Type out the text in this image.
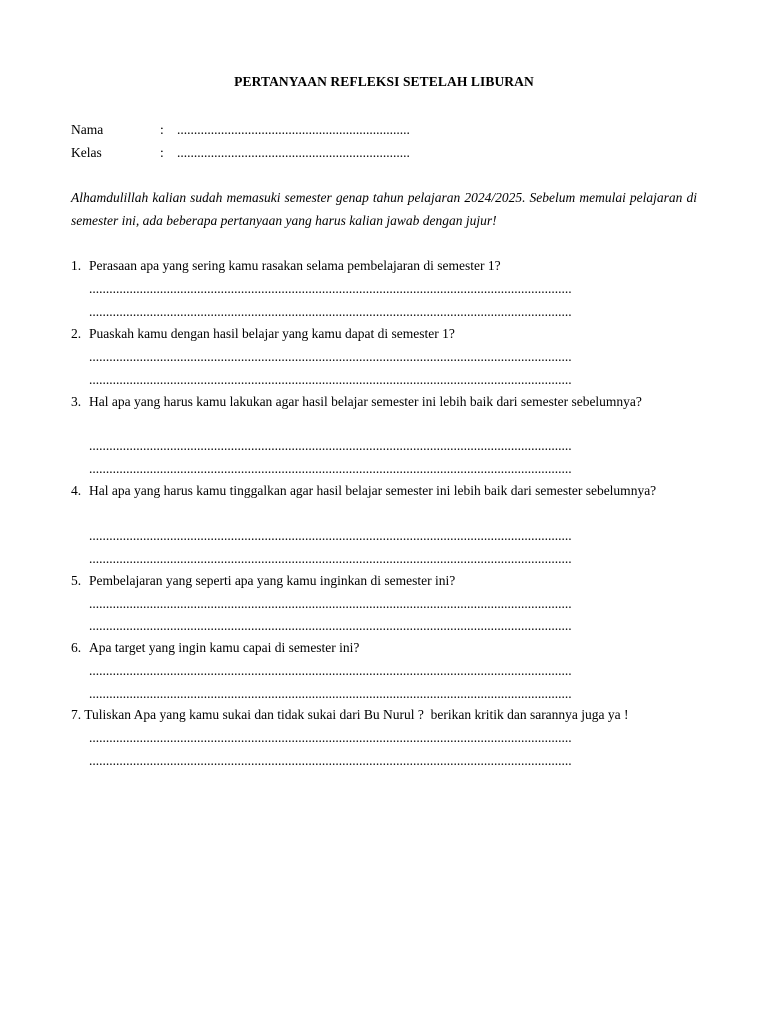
PERTANYAAN REFLEKSI SETELAH LIBURAN
Nama	: .....................................................................
Kelas	: .....................................................................
Alhamdulillah kalian sudah memasuki semester genap tahun pelajaran 2024/2025. Sebelum memulai pelajaran di semester ini, ada beberapa pertanyaan yang harus kalian jawab dengan jujur!
1. Perasaan apa yang sering kamu rasakan selama pembelajaran di semester 1?
...............................................................................................................................................
...............................................................................................................................................
2. Puaskah kamu dengan hasil belajar yang kamu dapat di semester 1?
...............................................................................................................................................
...............................................................................................................................................
3. Hal apa yang harus kamu lakukan agar hasil belajar semester ini lebih baik dari semester sebelumnya?
...............................................................................................................................................
...............................................................................................................................................
4. Hal apa yang harus kamu tinggalkan agar hasil belajar semester ini lebih baik dari semester sebelumnya?
...............................................................................................................................................
...............................................................................................................................................
5. Pembelajaran yang seperti apa yang kamu inginkan di semester ini?
...............................................................................................................................................
...............................................................................................................................................
6. Apa target yang ingin kamu capai di semester ini?
...............................................................................................................................................
...............................................................................................................................................
7. Tuliskan Apa yang kamu sukai dan tidak sukai dari Bu Nurul ?  berikan kritik dan sarannya juga ya !
...............................................................................................................................................
...............................................................................................................................................
